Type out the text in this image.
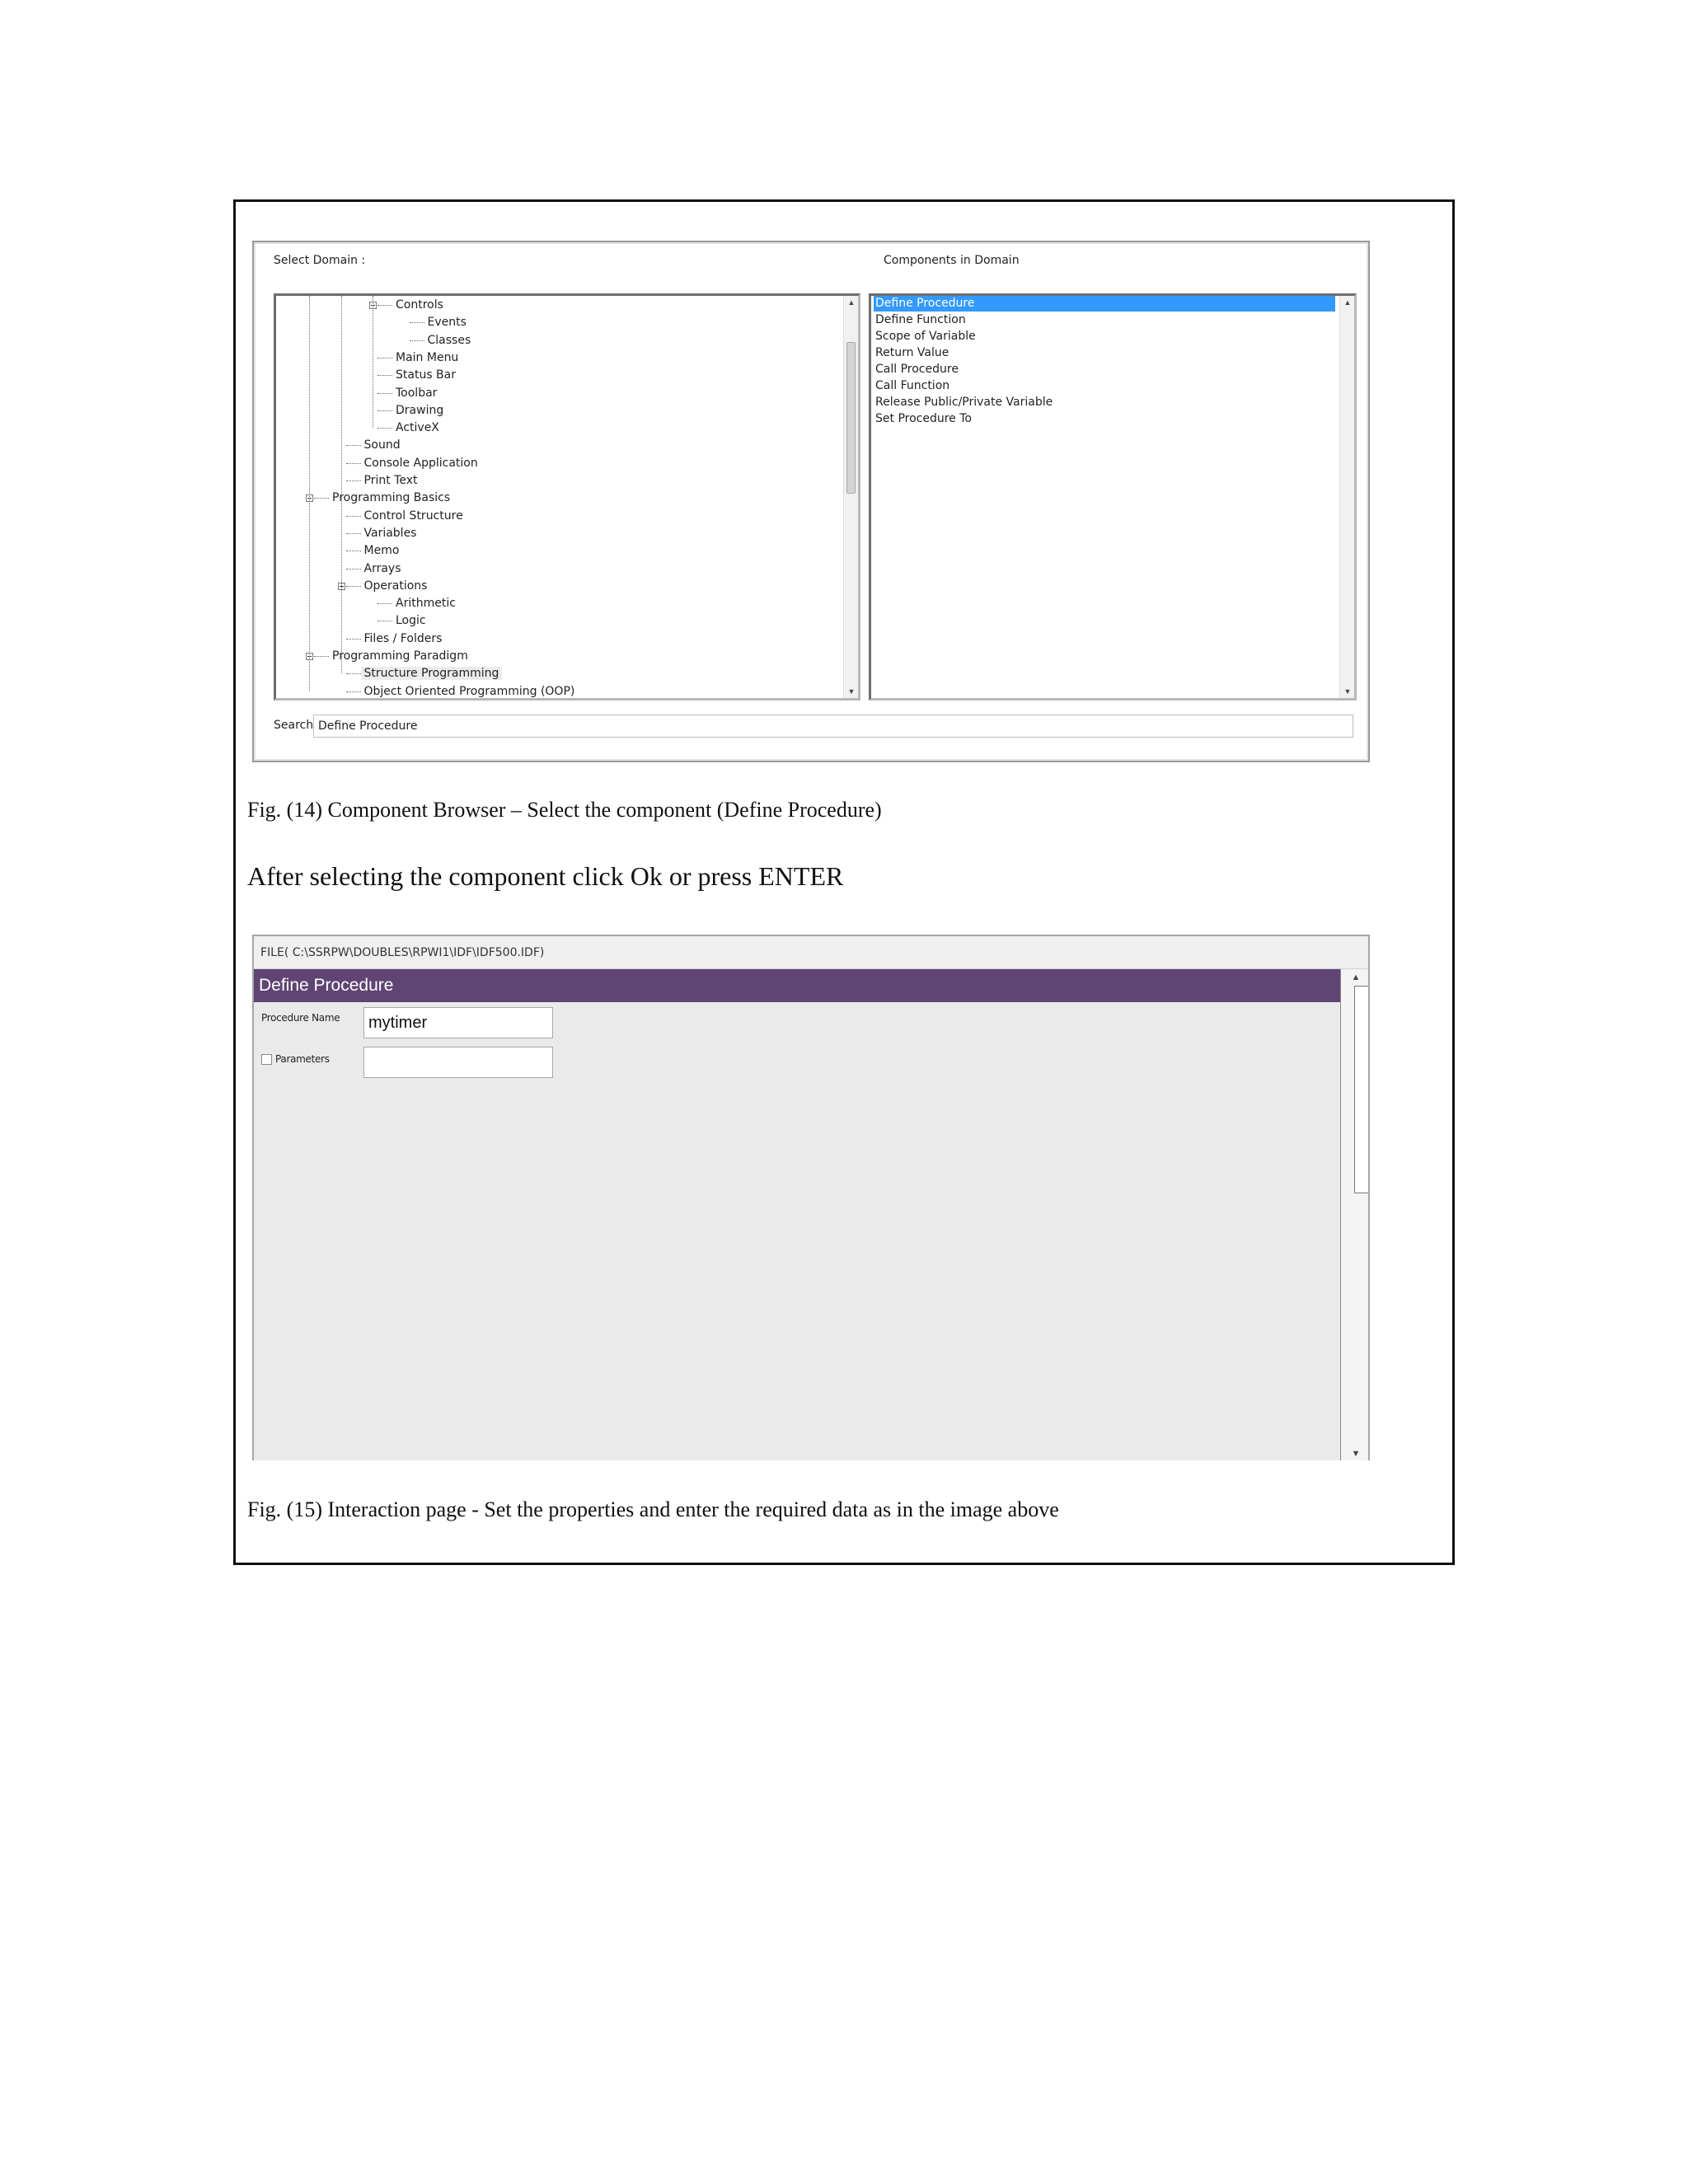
Select Domain :	Components in Domain
▲
▼
Controls
Events
Classes
Main Menu
Status Bar
Toolbar
Drawing
ActiveX
Sound
Console Application
Print Text
Programming Basics
Control Structure
Variables
Memo
Arrays
Operations
Arithmetic
Logic
Files / Folders
Programming Paradigm
Structure Programming
Object Oriented Programming (OOP)
▲
▼
Define Procedure
Define Function
Scope of Variable
Return Value
Call Procedure
Call Function
Release Public/Private Variable
Set Procedure To
Search Define Procedure
Fig. (14) Component Browser – Select the component (Define Procedure)
After selecting the component click Ok or press ENTER
FILE( C:\SSRPW\DOUBLES\RPWI1\IDF\IDF500.IDF)
Define Procedure
Procedure Name	mytimer
Parameters
▲
▼
Fig. (15) Interaction page - Set the properties and enter the required data as in the image above
